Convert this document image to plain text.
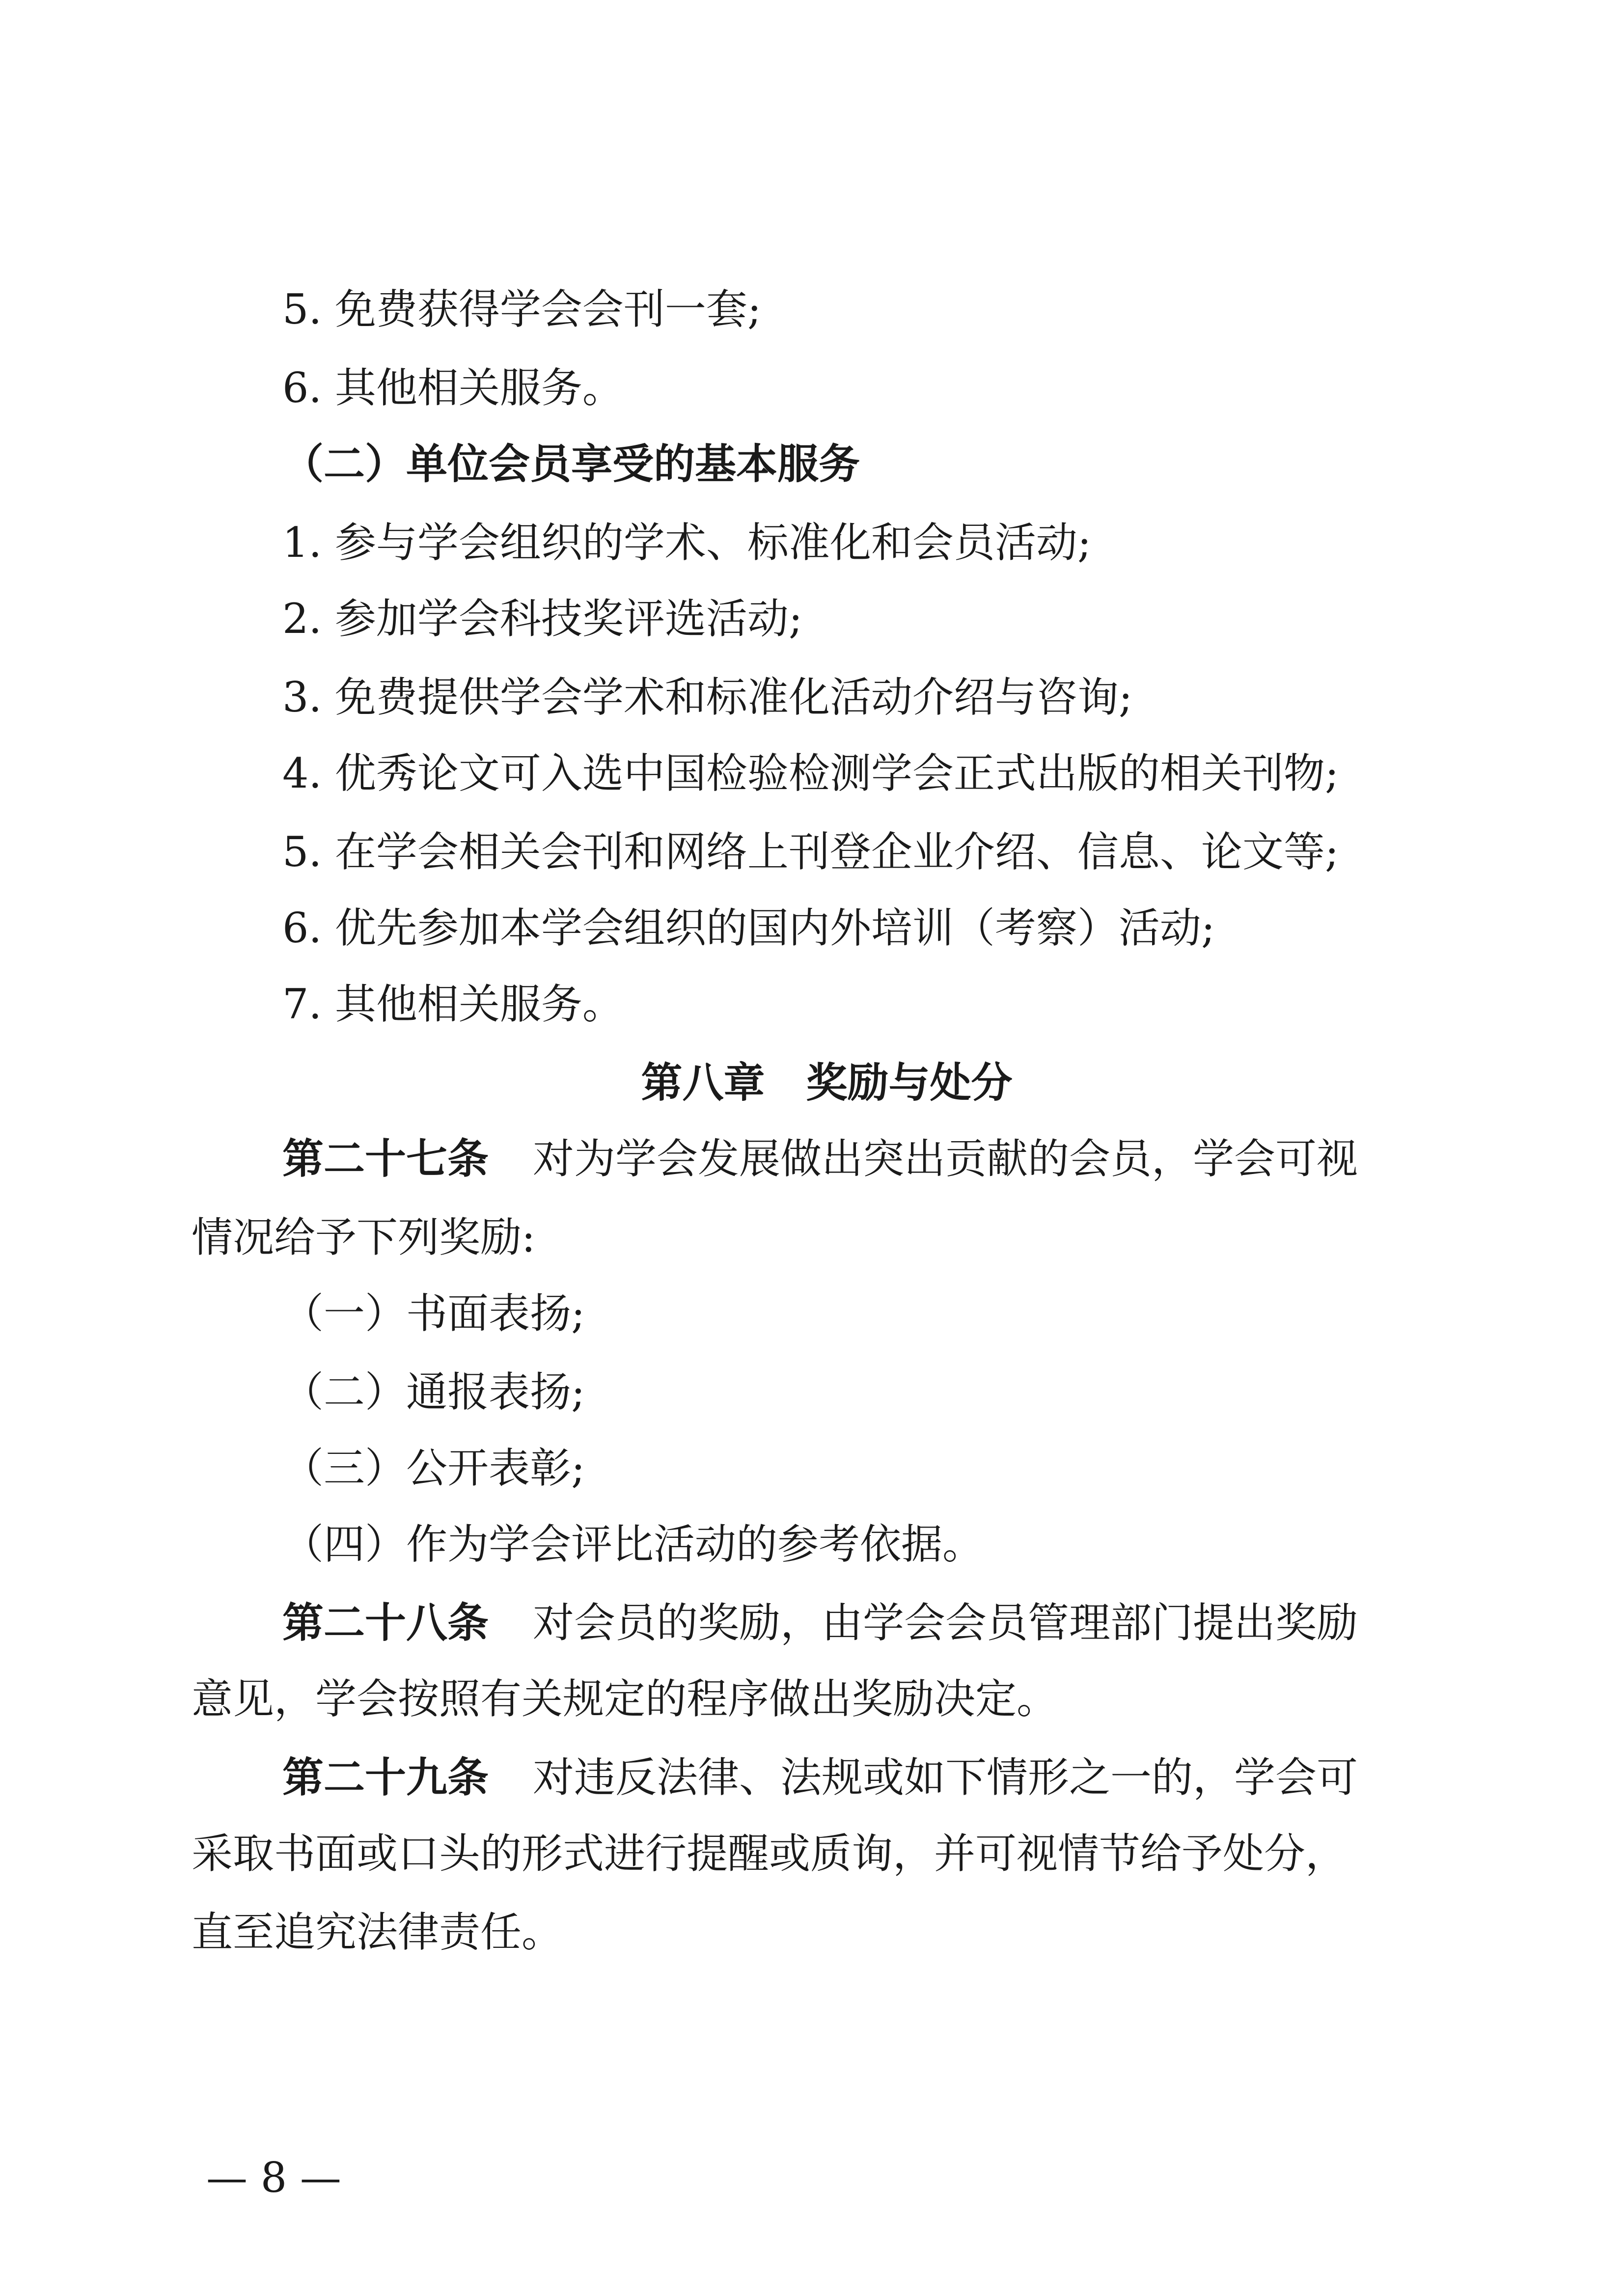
5. 免费获得学会会刊一套;
6. 其他相关服务。
（二）单位会员享受的基本服务
1. 参与学会组织的学术、标准化和会员活动;
2. 参加学会科技奖评选活动;
3. 免费提供学会学术和标准化活动介绍与咨询;
4. 优秀论文可入选中国检验检测学会正式出版的相关刊物;
5. 在学会相关会刊和网络上刊登企业介绍、信息、论文等;
6. 优先参加本学会组织的国内外培训（考察）活动;
7. 其他相关服务。
第八章　奖励与处分
第二十七条 对为学会发展做出突出贡献的会员，学会可视
情况给予下列奖励:
（一）书面表扬;
（二）通报表扬;
（三）公开表彰;
（四）作为学会评比活动的参考依据。
第二十八条 对会员的奖励，由学会会员管理部门提出奖励
意见，学会按照有关规定的程序做出奖励决定。
第二十九条 对违反法律、法规或如下情形之一的，学会可
采取书面或口头的形式进行提醒或质询，并可视情节给予处分，
直至追究法律责任。
— 8 —
